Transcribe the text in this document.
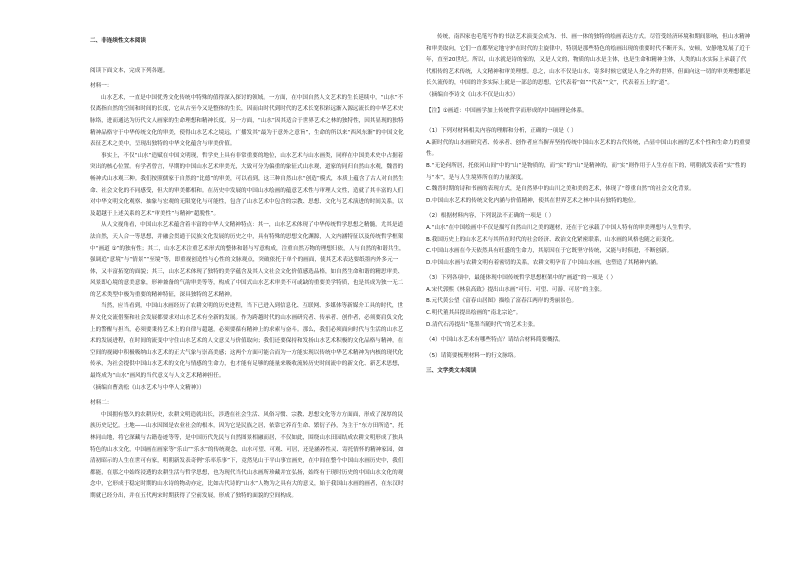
二、非连续性文本阅读

阅读下面文本，完成下列各题。

材料一：

山水艺术，一直是中国优秀文化传统中特殊的值得深入探讨的领域。一方面，在中国自然人文艺术的生长延续中，“山水”不仅离指自然的空间和时间的长度，它从古至今又是整体的生长，因而由时代到时代的艺术长宽积彩远渐入源远流长的中华艺术史脉络，进而通达为历代文人画家的生命理想和精神长度。另一方面，“山水”因其适合于世界艺术之林的独特性，因其显现的独特精神品格守于中华传统文化的审美，使得山水艺术之境远，广播发其“最为于意外之意旨”，生命的所以来“西风东渐”的中国文化表征艺术之美中，呈现出独特的中华文化蕴含与审美价值。

事实上，不仅“山水”造赋在中国文明现，哲学史上具有非常重要的地位，山水艺术与山水画类，同样在中国美术史中占据着突出的核心位置。有学者曾言，早期的中国山水艺术审美光，大致可分为偏重的象征式山水观，道家的同归自然山水观，魏晋的畅神式山水观三种。我们按照儒家于自然的“比德”的审美，可以看到，这三种自然山水“创造”模式，本质上蕴含了古人对自然生命、社会文化的不同感受，但大的审美都相和。在历史中发展的中国山水绘画的蕴意艺术性与审理人文性，造就了其丰富的人们对中华文明文化观察、抽象与宏观的无限宽化与可能性，包含了山水艺术中包含的宗教、思想、文化与艺术演进的时间关系，以及超越于上述关系的艺术“审美性”与精神“超脱性”。

从人文视角看，中国山水艺术蕴含着丰富的中华人文精神特点：其一，山水艺术体现了中华传统哲学思想之精髓，尤其是道法自然，天人合一等思想，并融会贯通于民族文化发展的历史之中，具有特殊的思想文化渊源，人文内涵特征以及传统哲学框架中“画道 ①”的独有性；其二，山水艺术注重艺术形式的整体和谐与写意构成，注重自然万物的理想归依，人与自然的和谐共生，强调追“意境”与“情景”“至境”等，即重视创造性与心性的文脉观点，突破依托于单个的画面，使其艺术表达要纸墨内外多元一体，又丰富拓宽的面貌；其三，山水艺术体现了独特的美学蕴含及其人文社会文化价值感选品格，如自然生命和谐的精思审美、风景即心境的意美意象，形神兼备的气韵审美等等，构成了中国式山水艺术审美不可或缺的重要美学特质，也是其成为独一无二的艺术类型中极为重要的精神特征，深具独特的艺术精神。

当然，应当看到，中国山水画经历了农耕文明的历史进程，当下已进入到信息化、互联网、多媒体等新媒介工具的时代，世界文化交流借鉴和社会发展都要求对山水艺术有全新的发展。作为跨越时代的山水画研究者、传承者、创作者，必须要肩负文化上的警醒与担当，必须要秉持艺术上的自律与超越，必须要葆有精神上的求索与奋斗。那么，我们必须面向时代与生活的山水艺术的发展进程，在时间的流变中守住山水艺术的人文意义与价值取向；我们还要保持和发扬山水艺术积极的文化品格与精神，在空间的视阈中积极吸纳山水艺术的正大气象与崇高美感；这两个方面可能合而为一方能实现以传统中华艺术精神为内核的现代化传承，为社会提供中国山水艺术的文化与情感的生命力，也才能有足够的能量来吸收流转历史时间流中的新文化、新艺术思想，最终成为“山水”画风的当代意义与人文艺术精神担任。

（摘编自曹劲松《山水艺术与中华人文精神》）

材料二：

中国拥有悠久的农耕历史，农耕文明造就出长，涉透在社会生活、风俗习惯、宗教、思想文化等方方面面，形成了深厚的民族历史记忆。土地——山水因图是农业社会的根本，因为它是民族之居，依靠它养育生命、繁衍子孙，为主于“东方田所造”，托林同山地，将它深藏与古籍卷迹等等，是中国历代先民与自然图景相融而居，不仅如此，围绕山水田园结成农耕文明形成了独具特色的山水文化，中国画在画家等“乐山”“乐水”的传统观念，山水可望、可观、可居，还是涵养性灵、寄托情怀的精神家园，如清初昭示的人生在世可有家，明朝新发表奇例“乐率乐事”下，竟然见山于平山事宜画史，在中间在整个中国山水画历史中，我们都能，在那之中始终浸透的农耕生活与哲学思想，也为现代当代山水画所珍藏并宜弘扬，始终有于现时历史的中国山水文化的观念中，它形成于稳定时期的山水诗的物动亦定，比如古代诗的“山水”人物为之具有大的意义，始于我国山水画的画者，在东汉时期就已经分出，并在五代两宋时期获得了空前发展，形成了独特的面貌的空间构成。

传统，南四家也毛笔写作的书法艺术演变会成为、书、画一体的独特的绘画表达方式。尽管受经济环境和期间影响，但山水精神和审美取向，它们一直都坚定地守护在时代的主旋律中，特别是那些特色的绘画出现的重要时代不断开头，安顿，安静地发展了近千年，直至20世纪。所以，山水就是诗的家的，又是人文的，物质的山水是主体，也是生命和精神主体，人类的山水实际上承载了代代相传的艺术传统，人文精神和审美理想。总之，山水不仅是山水，寄多时候它就是人身之外的世界，但面向这一切的审美理想都是长久流传的，中国的许多实际上就是一部总的思想，它代表着“如”“代表”“文”，代表着五上的“道”。

（摘编自李诗文《山水不仅是山水》）

【注】①画道：中国画学加上传统哲学而形成的中国画理论体系。

（1）下列对材料相关内容的理解和分析，正确的一项是（ ）

A.新时代的山水画研究者、传承者、创作者应当摒弃坚持传统中国山水艺术的古代传统，凸显中国山水画的艺术个性和生命力的重要性。

B.“无论何所居，托依河山间”中的“山”是物质的，而“实”的“山”是精神的，而“实”则作用于人生存在下的，明朝就发表着“实”性的与“本”，是与人生境界所在的力量深度。

C.魏晋时期的诗和书画的表现方式，是自然界中的山川之美和美的艺术，体现了“尊重自然”的社会文化背景。

D.中国山水艺术的传统文化内涵与价值精神，使其在世界艺术之林中具有独特的地位。

（2）根据材料内容，下列说法不正确的一项是（ ）

A.“山水”在中国绘画中不仅是描写自然山川之美的题材，还在于它承载了中国人特有的审美理想与人生哲学。

B.我国历史上的山水艺术与其所在时代的社会经济、政治文化紧密联系，山水画的风格也随之而变化。

C.中国山水画在今天依然具有旺盛的生命力，其原因在于它既坚守传统，又能与时俱进，不断创新。

D.中国山水画与农耕文明有着密切的关系，农耕文明孕育了中国山水画，也塑造了其精神内涵。

（3）下列各项中，最能体现中国传统哲学思想框架中的“画道”的一项是（ ）

A.宋代郭熙《林泉高致》提出山水画“可行、可望、可游、可居”的主张。

B.元代黄公望《富春山居图》描绘了富春江两岸的秀丽景色。

C.明代董其昌提出绘画的“南北宗论”。

D.清代石涛提出“笔墨当随时代”的艺术主张。

（4）中国山水艺术有哪些特点？请结合材料简要概括。

（5）请简要梳理材料一的行文脉络。

三、文学类文本阅读
